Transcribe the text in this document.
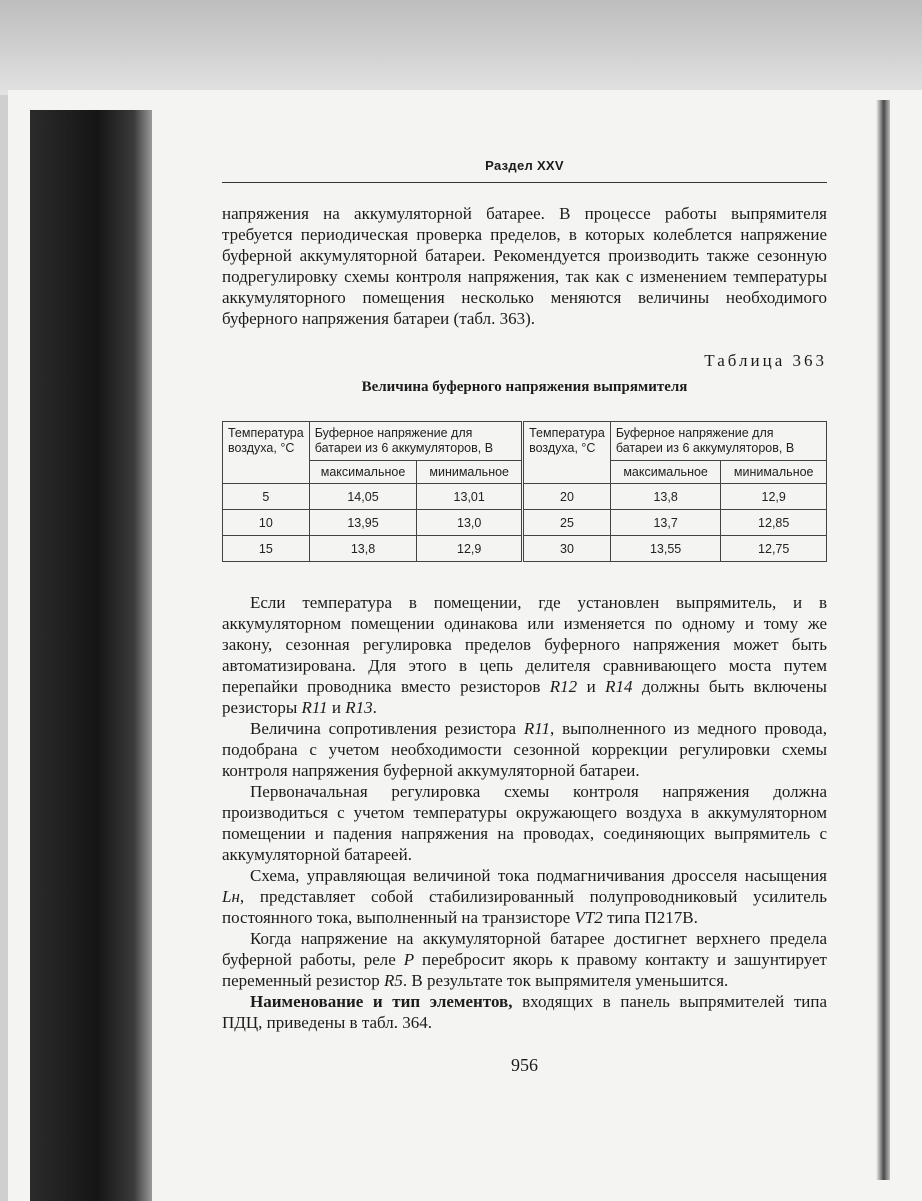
Раздел XXV

напряжения на аккумуляторной батарее. В процессе работы выпрямителя требуется периодическая проверка пределов, в которых колеблется напряжение буферной аккумуляторной батареи. Рекомендуется производить также сезонную подрегулировку схемы контроля напряжения, так как с изменением температуры аккумуляторного помещения несколько меняются величины необходимого буферного напряжения батареи (табл. 363).

Таблица 363
Величина буферного напряжения выпрямителя
Температура воздуха, °С	Буферное напряжение для батареи из 6 аккумуляторов, В		Температура воздуха, °С	Буферное напряжение для батареи из 6 аккумуляторов, В	
	максимальное	минимальное		максимальное	минимальное
5	14,05	13,01	20	13,8	12,9
10	13,95	13,0	25	13,7	12,85
15	13,8	12,9	30	13,55	12,75

Если температура в помещении, где установлен выпрямитель, и в аккумуляторном помещении одинакова или изменяется по одному и тому же закону, сезонная регулировка пределов буферного напряжения может быть автоматизирована. Для этого в цепь делителя сравнивающего моста путем перепайки проводника вместо резисторов R12 и R14 должны быть включены резисторы R11 и R13.

Величина сопротивления резистора R11, выполненного из медного провода, подобрана с учетом необходимости сезонной коррекции регулировки схемы контроля напряжения буферной аккумуляторной батареи.

Первоначальная регулировка схемы контроля напряжения должна производиться с учетом температуры окружающего воздуха в аккумуляторном помещении и падения напряжения на проводах, соединяющих выпрямитель с аккумуляторной батареей.

Схема, управляющая величиной тока подмагничивания дросселя насыщения Lн, представляет собой стабилизированный полупроводниковый усилитель постоянного тока, выполненный на транзисторе VT2 типа П217В.

Когда напряжение на аккумуляторной батарее достигнет верхнего предела буферной работы, реле P перебросит якорь к правому контакту и зашунтирует переменный резистор R5. В результате ток выпрямителя уменьшится.

Наименование и тип элементов, входящих в панель выпрямителей типа ПДЦ, приведены в табл. 364.

956
